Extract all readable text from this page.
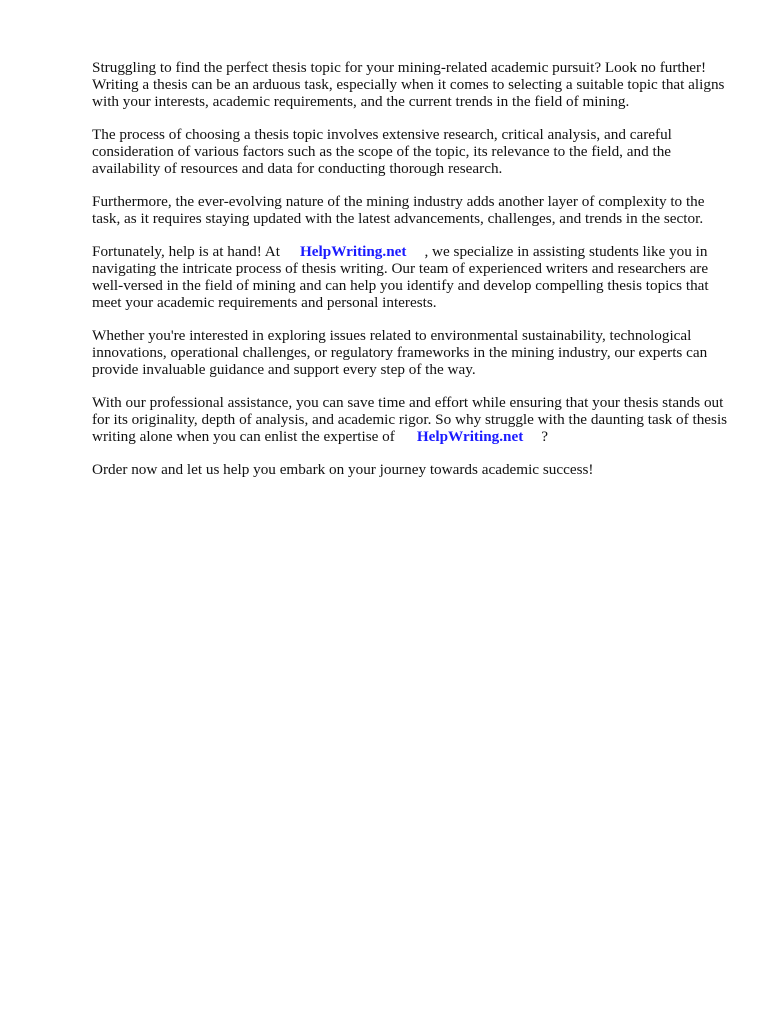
Struggling to find the perfect thesis topic for your mining-related academic pursuit? Look no further! Writing a thesis can be an arduous task, especially when it comes to selecting a suitable topic that aligns with your interests, academic requirements, and the current trends in the field of mining.

The process of choosing a thesis topic involves extensive research, critical analysis, and careful consideration of various factors such as the scope of the topic, its relevance to the field, and the availability of resources and data for conducting thorough research.

Furthermore, the ever-evolving nature of the mining industry adds another layer of complexity to the task, as it requires staying updated with the latest advancements, challenges, and trends in the sector.

Fortunately, help is at hand! At HelpWriting.net , we specialize in assisting students like you in navigating the intricate process of thesis writing. Our team of experienced writers and researchers are well-versed in the field of mining and can help you identify and develop compelling thesis topics that meet your academic requirements and personal interests.

Whether you're interested in exploring issues related to environmental sustainability, technological innovations, operational challenges, or regulatory frameworks in the mining industry, our experts can provide invaluable guidance and support every step of the way.

With our professional assistance, you can save time and effort while ensuring that your thesis stands out for its originality, depth of analysis, and academic rigor. So why struggle with the daunting task of thesis writing alone when you can enlist the expertise of HelpWriting.net ?

Order now and let us help you embark on your journey towards academic success!
